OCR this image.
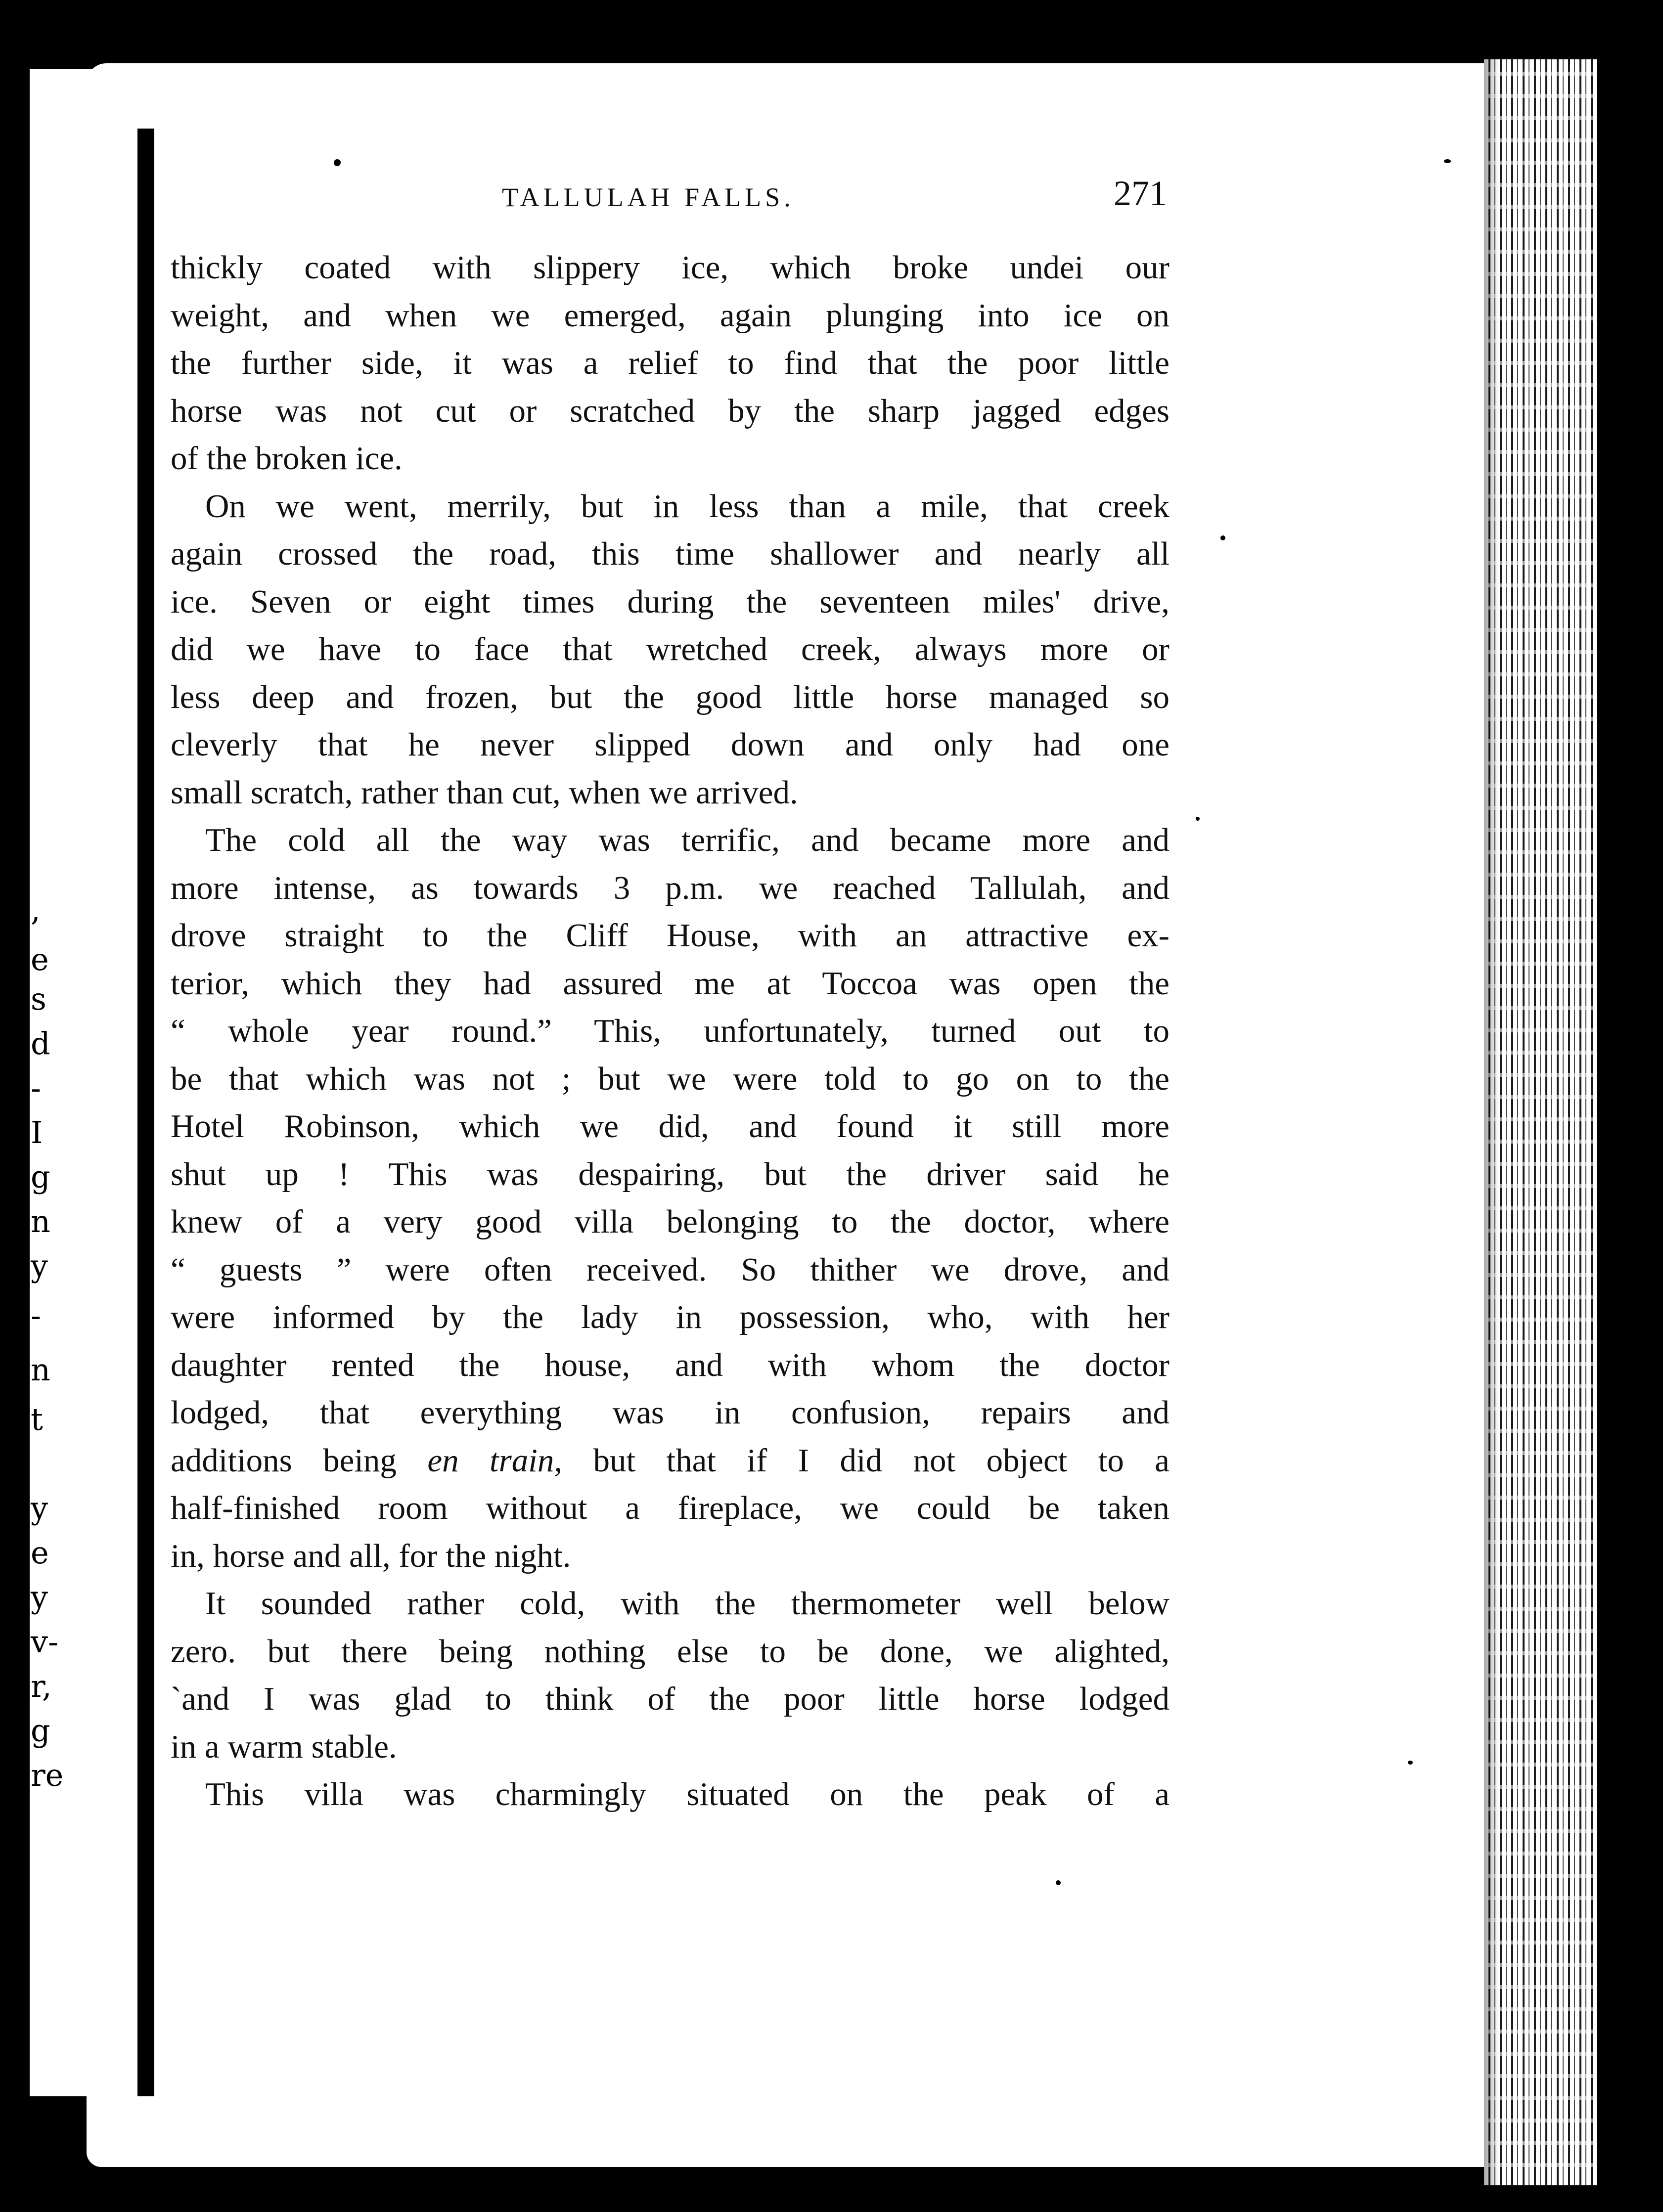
,
e
s
d
-
I
g
n
y
-
n
t
y
e
y
v-
r,
g
re
TALLULAH FALLS.	271
thickly coated with slippery ice, which broke undei our
weight, and when we emerged, again plunging into ice on
the further side, it was a relief to find that the poor little
horse was not cut or scratched by the sharp jagged edges
of the broken ice.
On we went, merrily, but in less than a mile, that creek
again crossed the road, this time shallower and nearly all
ice. Seven or eight times during the seventeen miles' drive,
did we have to face that wretched creek, always more or
less deep and frozen, but the good little horse managed so
cleverly that he never slipped down and only had one
small scratch, rather than cut, when we arrived.
The cold all the way was terrific, and became more and
more intense, as towards 3 p.m. we reached Tallulah, and
drove straight to the Cliff House, with an attractive ex-
terior, which they had assured me at Toccoa was open the
“ whole year round.” This, unfortunately, turned out to
be that which was not ; but we were told to go on to the
Hotel Robinson, which we did, and found it still more
shut up ! This was despairing, but the driver said he
knew of a very good villa belonging to the doctor, where
“ guests ” were often received. So thither we drove, and
were informed by the lady in possession, who, with her
daughter rented the house, and with whom the doctor
lodged, that everything was in confusion, repairs and
additions being en train, but that if I did not object to a
half-finished room without a fireplace, we could be taken
in, horse and all, for the night.
It sounded rather cold, with the thermometer well below
zero. but there being nothing else to be done, we alighted,
`and I was glad to think of the poor little horse lodged
in a warm stable.
This villa was charmingly situated on the peak of a
